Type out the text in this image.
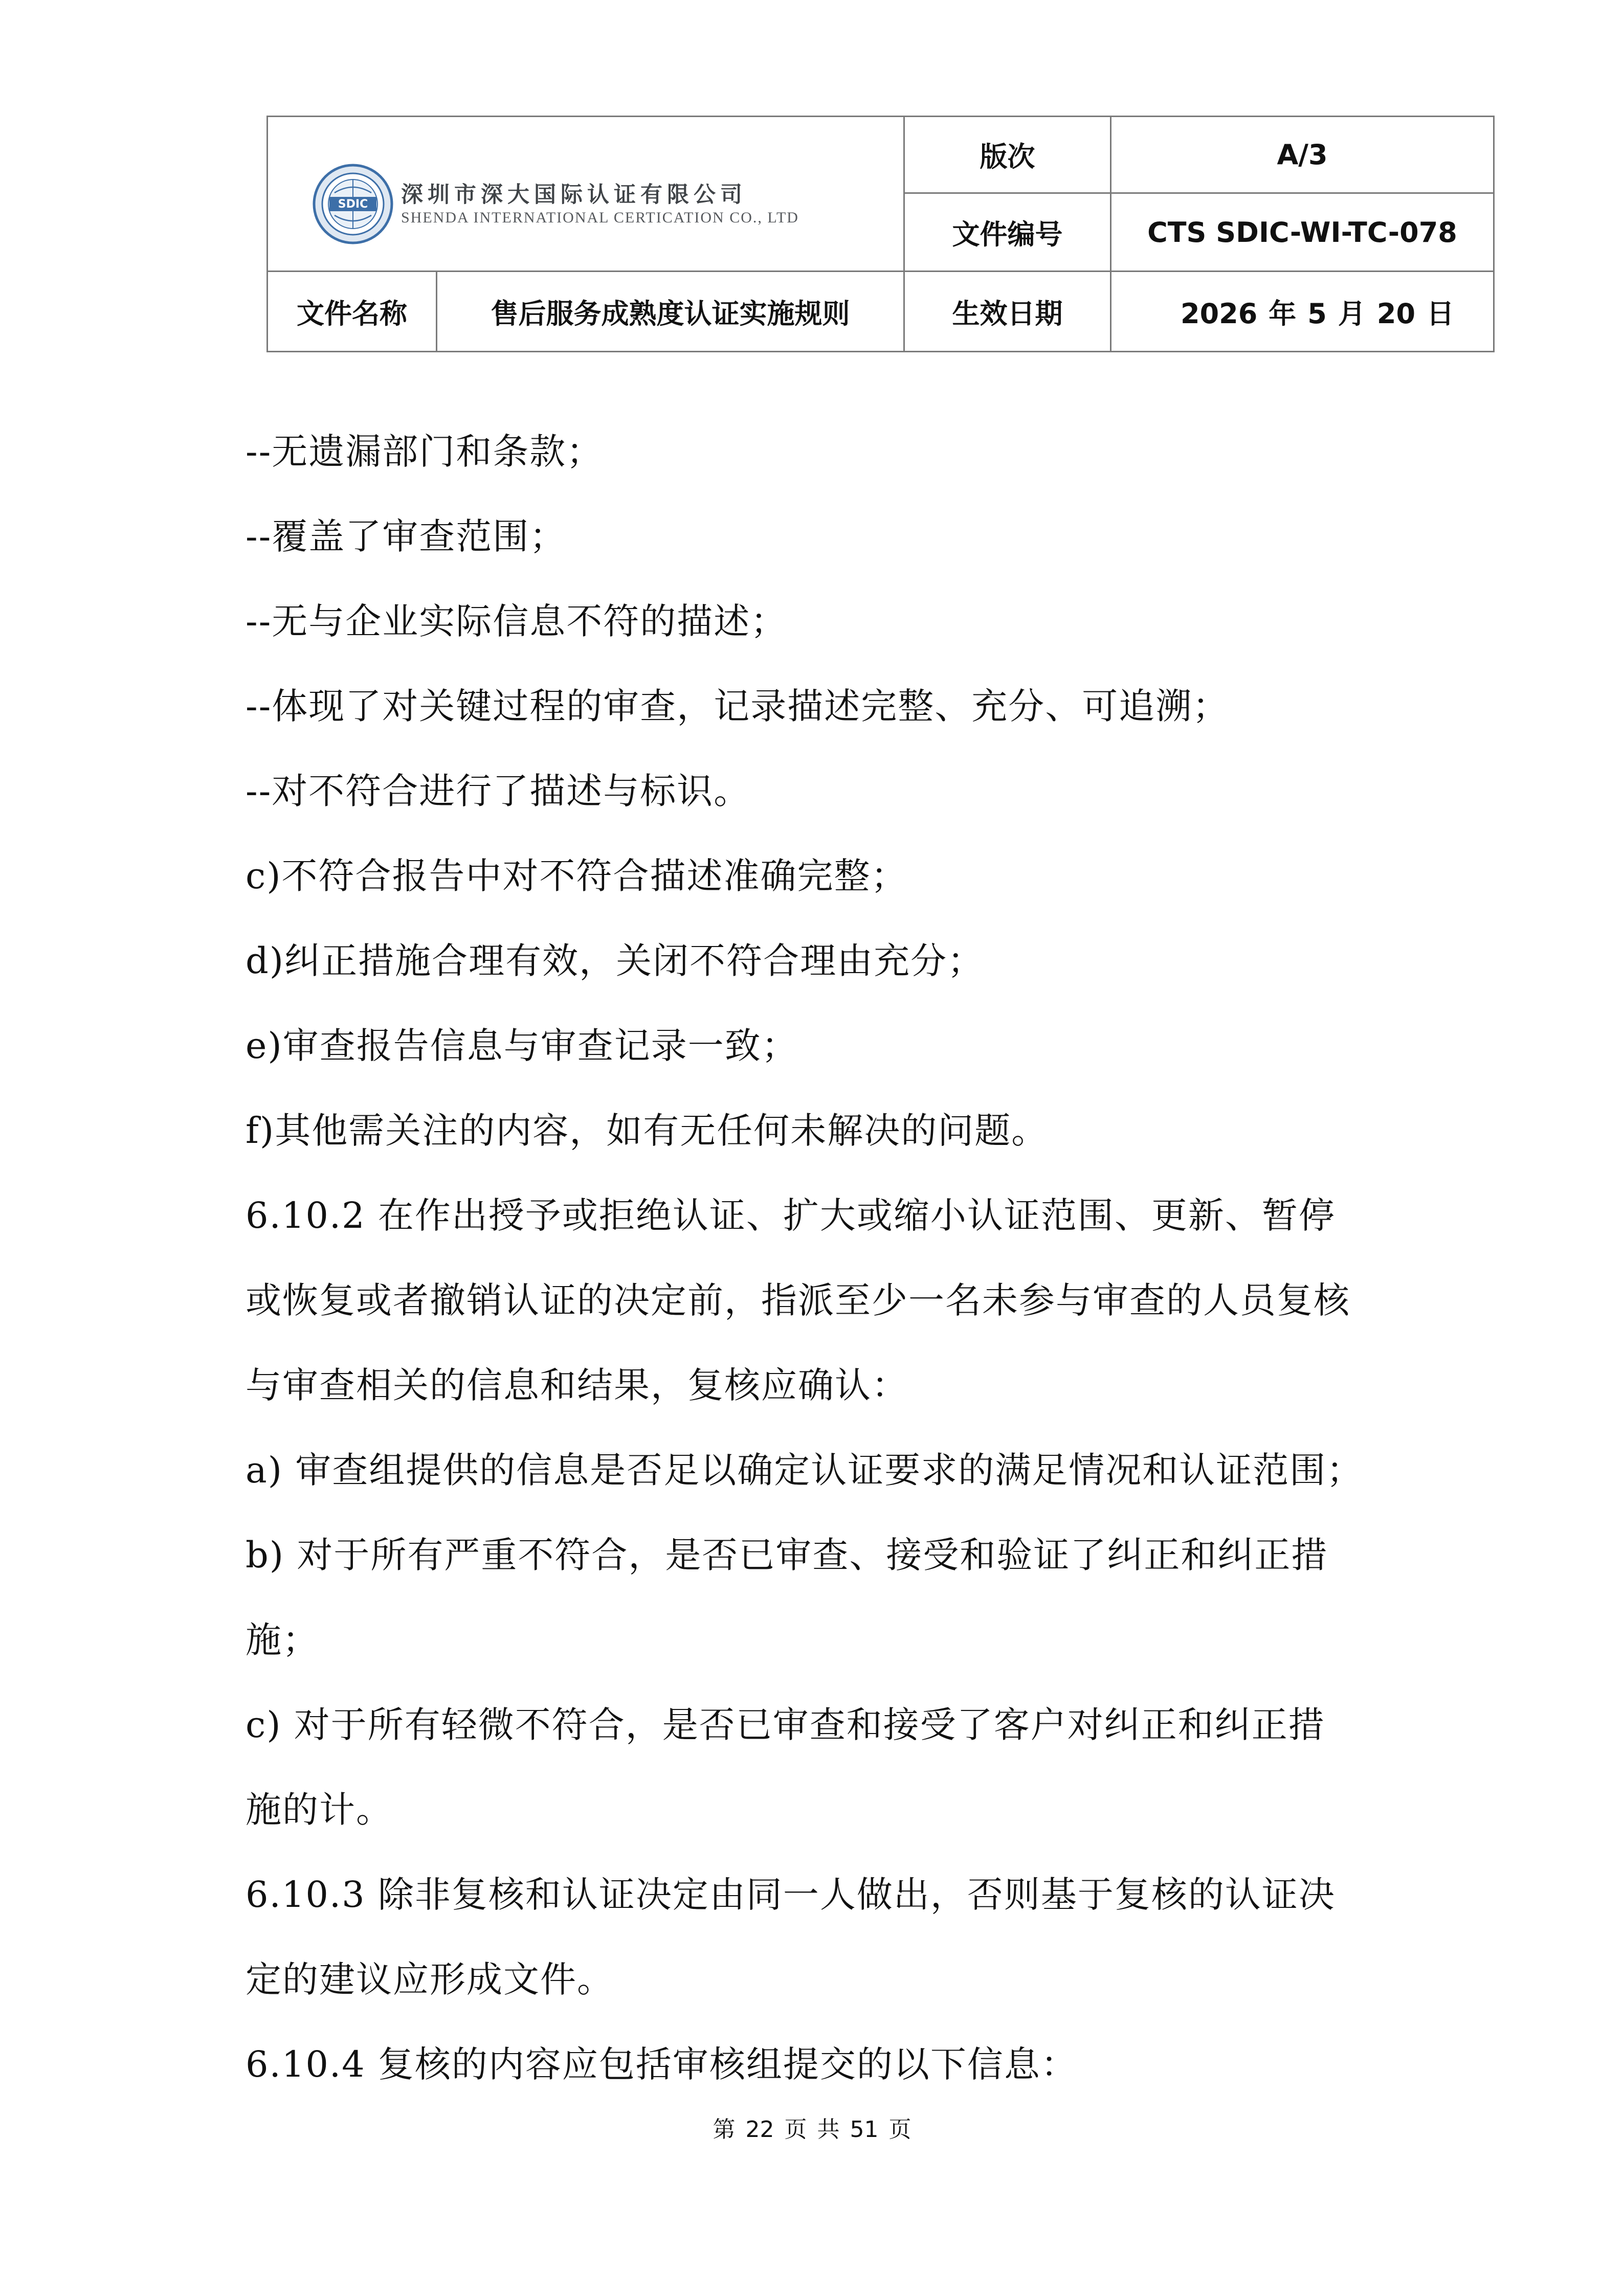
SDIC 深圳市深大国际认证有限公司
SHENDA INTERNATIONAL CERTICATION CO., LTD		版次	A/3
		文件编号	CTS SDIC-WI-TC-078
文件名称	售后服务成熟度认证实施规则	生效日期	2026 年 5 月 20 日
--无遗漏部门和条款；
--覆盖了审查范围；
--无与企业实际信息不符的描述；
--体现了对关键过程的审查，记录描述完整、充分、可追溯；
--对不符合进行了描述与标识。
c)不符合报告中对不符合描述准确完整；
d)纠正措施合理有效，关闭不符合理由充分；
e)审查报告信息与审查记录一致；
f)其他需关注的内容，如有无任何未解决的问题。
6.10.2 在作出授予或拒绝认证、扩大或缩小认证范围、更新、暂停
或恢复或者撤销认证的决定前，指派至少一名未参与审查的人员复核
与审查相关的信息和结果，复核应确认：
a) 审查组提供的信息是否足以确定认证要求的满足情况和认证范围；
b) 对于所有严重不符合，是否已审查、接受和验证了纠正和纠正措
施；
c) 对于所有轻微不符合，是否已审查和接受了客户对纠正和纠正措
施的计。
6.10.3 除非复核和认证决定由同一人做出，否则基于复核的认证决
定的建议应形成文件。
6.10.4 复核的内容应包括审核组提交的以下信息：
第 22 页 共 51 页
